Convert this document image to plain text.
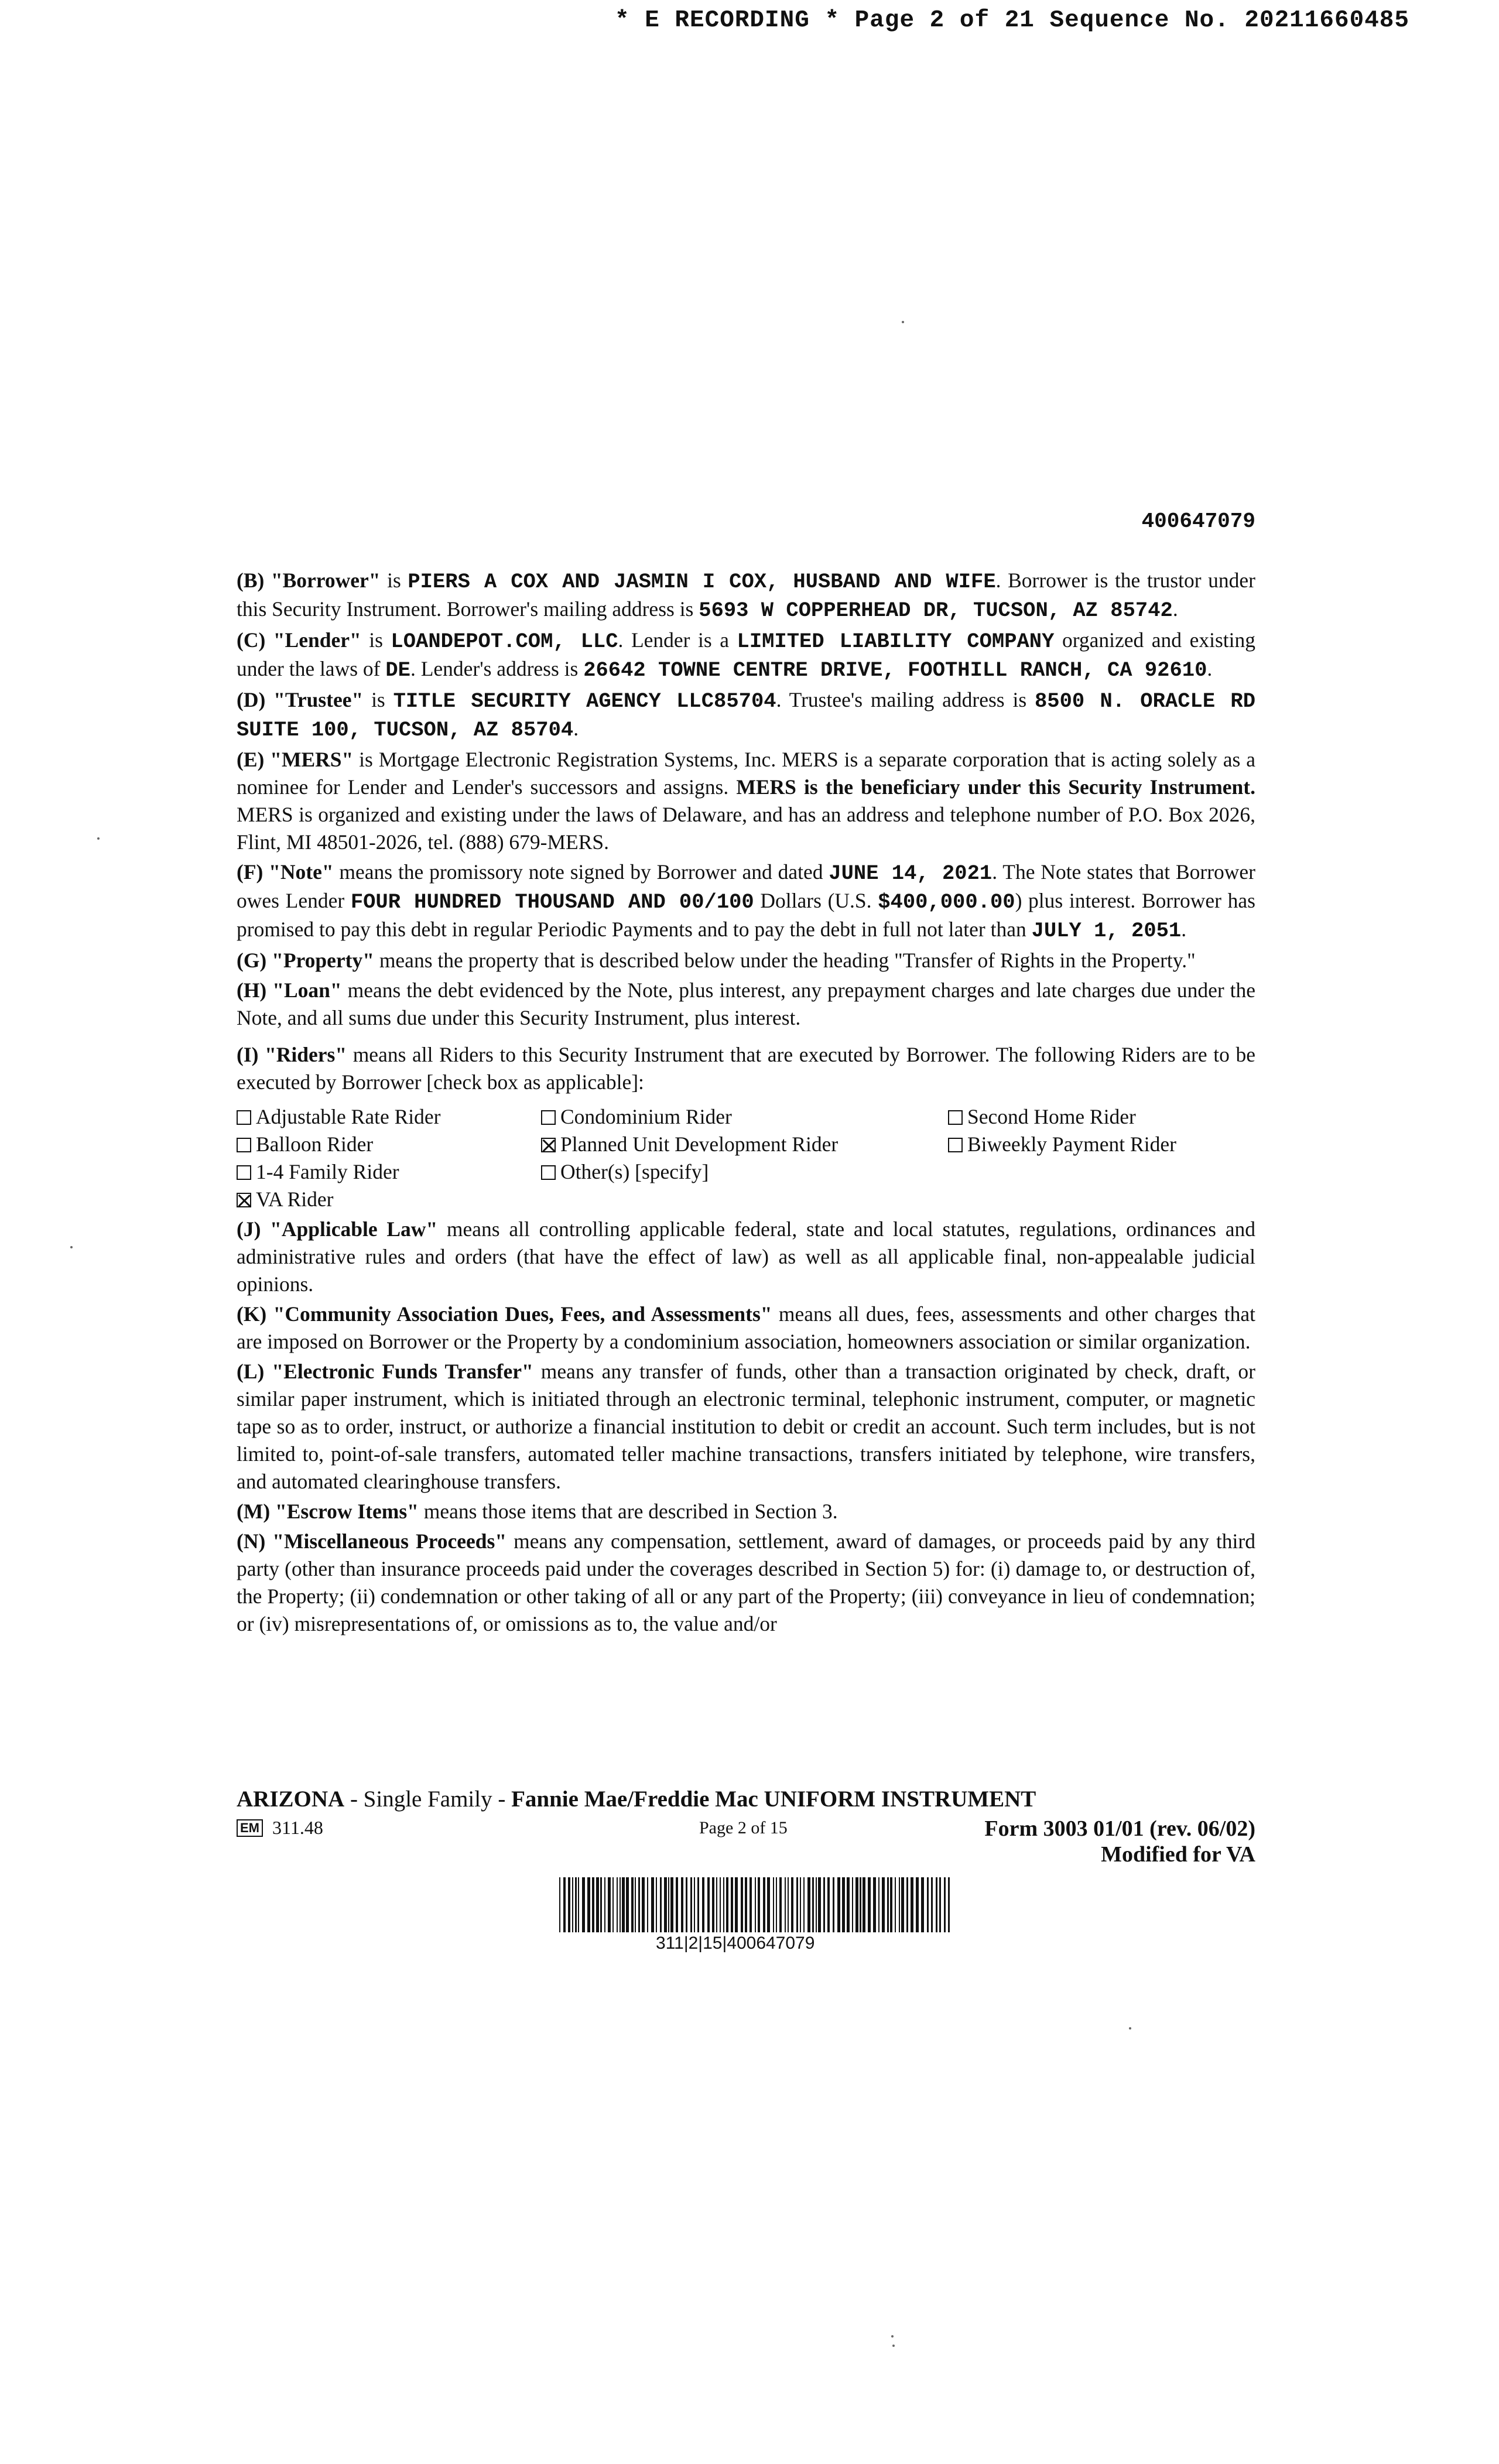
* E RECORDING * Page 2 of 21 Sequence No. 20211660485
400647079

(B) "Borrower" is PIERS A COX AND JASMIN I COX, HUSBAND AND WIFE. Borrower is the trustor under this Security Instrument. Borrower's mailing address is 5693 W COPPERHEAD DR, TUCSON, AZ 85742.

(C) "Lender" is LOANDEPOT.COM, LLC. Lender is a LIMITED LIABILITY COMPANY organized and existing under the laws of DE. Lender's address is 26642 TOWNE CENTRE DRIVE, FOOTHILL RANCH, CA 92610.

(D) "Trustee" is TITLE SECURITY AGENCY LLC85704. Trustee's mailing address is 8500 N. ORACLE RD SUITE 100, TUCSON, AZ 85704.

(E) "MERS" is Mortgage Electronic Registration Systems, Inc. MERS is a separate corporation that is acting solely as a nominee for Lender and Lender's successors and assigns. MERS is the beneficiary under this Security Instrument. MERS is organized and existing under the laws of Delaware, and has an address and telephone number of P.O. Box 2026, Flint, MI 48501-2026, tel. (888) 679-MERS.

(F) "Note" means the promissory note signed by Borrower and dated JUNE 14, 2021. The Note states that Borrower owes Lender FOUR HUNDRED THOUSAND AND 00/100 Dollars (U.S. $400,000.00) plus interest. Borrower has promised to pay this debt in regular Periodic Payments and to pay the debt in full not later than JULY 1, 2051.

(G) "Property" means the property that is described below under the heading "Transfer of Rights in the Property."

(H) "Loan" means the debt evidenced by the Note, plus interest, any prepayment charges and late charges due under the Note, and all sums due under this Security Instrument, plus interest.

(I) "Riders" means all Riders to this Security Instrument that are executed by Borrower. The following Riders are to be executed by Borrower [check box as applicable]:

Adjustable Rate Rider	Condominium Rider	Second Home Rider
Balloon Rider	Planned Unit Development Rider	Biweekly Payment Rider
1-4 Family Rider	Other(s) [specify]
VA Rider

(J) "Applicable Law" means all controlling applicable federal, state and local statutes, regulations, ordinances and administrative rules and orders (that have the effect of law) as well as all applicable final, non-appealable judicial opinions.

(K) "Community Association Dues, Fees, and Assessments" means all dues, fees, assessments and other charges that are imposed on Borrower or the Property by a condominium association, homeowners association or similar organization.

(L) "Electronic Funds Transfer" means any transfer of funds, other than a transaction originated by check, draft, or similar paper instrument, which is initiated through an electronic terminal, telephonic instrument, computer, or magnetic tape so as to order, instruct, or authorize a financial institution to debit or credit an account. Such term includes, but is not limited to, point-of-sale transfers, automated teller machine transactions, transfers initiated by telephone, wire transfers, and automated clearinghouse transfers.

(M) "Escrow Items" means those items that are described in Section 3.

(N) "Miscellaneous Proceeds" means any compensation, settlement, award of damages, or proceeds paid by any third party (other than insurance proceeds paid under the coverages described in Section 5) for: (i) damage to, or destruction of, the Property; (ii) condemnation or other taking of all or any part of the Property; (iii) conveyance in lieu of condemnation; or (iv) misrepresentations of, or omissions as to, the value and/or

ARIZONA - Single Family - Fannie Mae/Freddie Mac UNIFORM INSTRUMENT
EM 311.48	Page 2 of 15	Form 3003 01/01 (rev. 06/02)
Modified for VA
311|2|15|400647079
